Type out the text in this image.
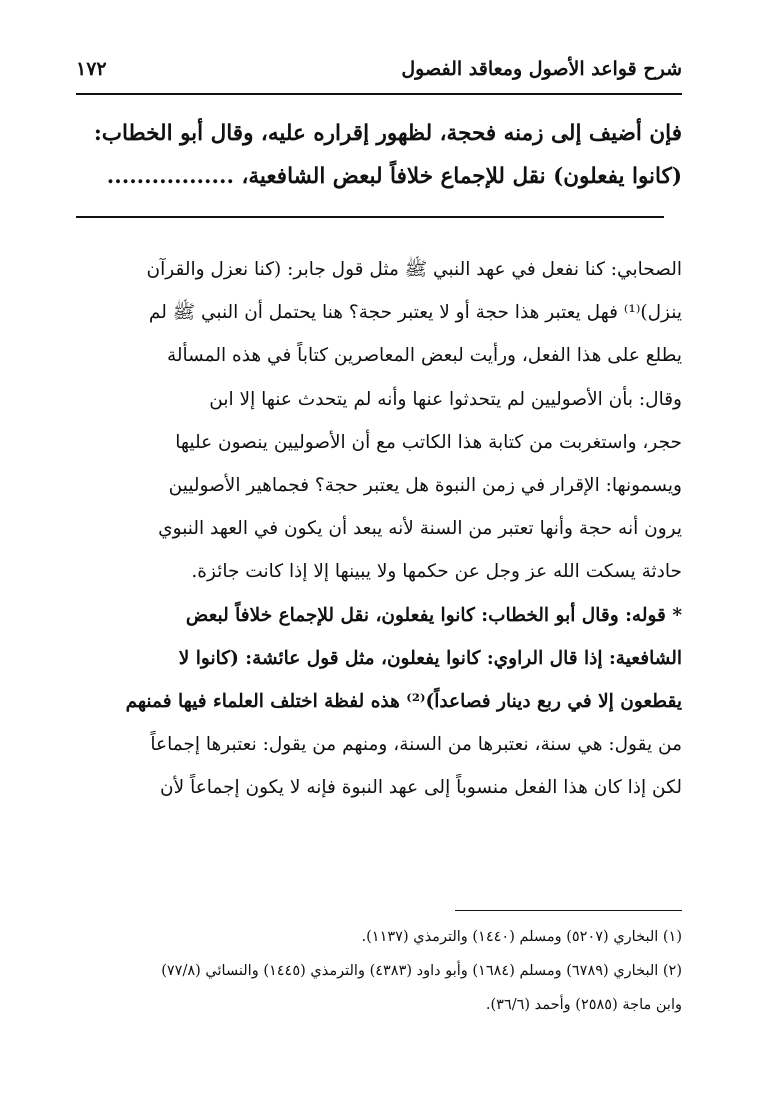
شرح قواعد الأصول ومعاقد الفصول
١٧٢

فإن أضيف إلى زمنه فحجة، لظهور إقراره عليه، وقال أبو الخطاب:

(كانوا يفعلون) نقل للإجماع خلافاً لبعض الشافعية، .................

الصحابي: كنا نفعل في عهد النبي ﷺ مثل قول جابر: (كنا نعزل والقرآن

ينزل)⁽¹⁾ فهل يعتبر هذا حجة أو لا يعتبر حجة؟ هنا يحتمل أن النبي ﷺ لم

يطلع على هذا الفعل، ورأيت لبعض المعاصرين كتاباً في هذه المسألة

وقال: بأن الأصوليين لم يتحدثوا عنها وأنه لم يتحدث عنها إلا ابن

حجر، واستغربت من كتابة هذا الكاتب مع أن الأصوليين ينصون عليها

ويسمونها: الإقرار في زمن النبوة هل يعتبر حجة؟ فجماهير الأصوليين

يرون أنه حجة وأنها تعتبر من السنة لأنه يبعد أن يكون في العهد النبوي

حادثة يسكت الله عز وجل عن حكمها ولا يبينها إلا إذا كانت جائزة.

* قوله: وقال أبو الخطاب: كانوا يفعلون، نقل للإجماع خلافاً لبعض

الشافعية: إذا قال الراوي: كانوا يفعلون، مثل قول عائشة: (كانوا لا

يقطعون إلا في ربع دينار فصاعداً)⁽²⁾ هذه لفظة اختلف العلماء فيها فمنهم

من يقول: هي سنة، نعتبرها من السنة، ومنهم من يقول: نعتبرها إجماعاً

لكن إذا كان هذا الفعل منسوباً إلى عهد النبوة فإنه لا يكون إجماعاً لأن

(١) البخاري (٥٢٠٧) ومسلم (١٤٤٠) والترمذي (١١٣٧).

(٢) البخاري (٦٧٨٩) ومسلم (١٦٨٤) وأبو داود (٤٣٨٣) والترمذي (١٤٤٥) والنسائي (٧٧/٨)

وابن ماجة (٢٥٨٥) وأحمد (٣٦/٦).
